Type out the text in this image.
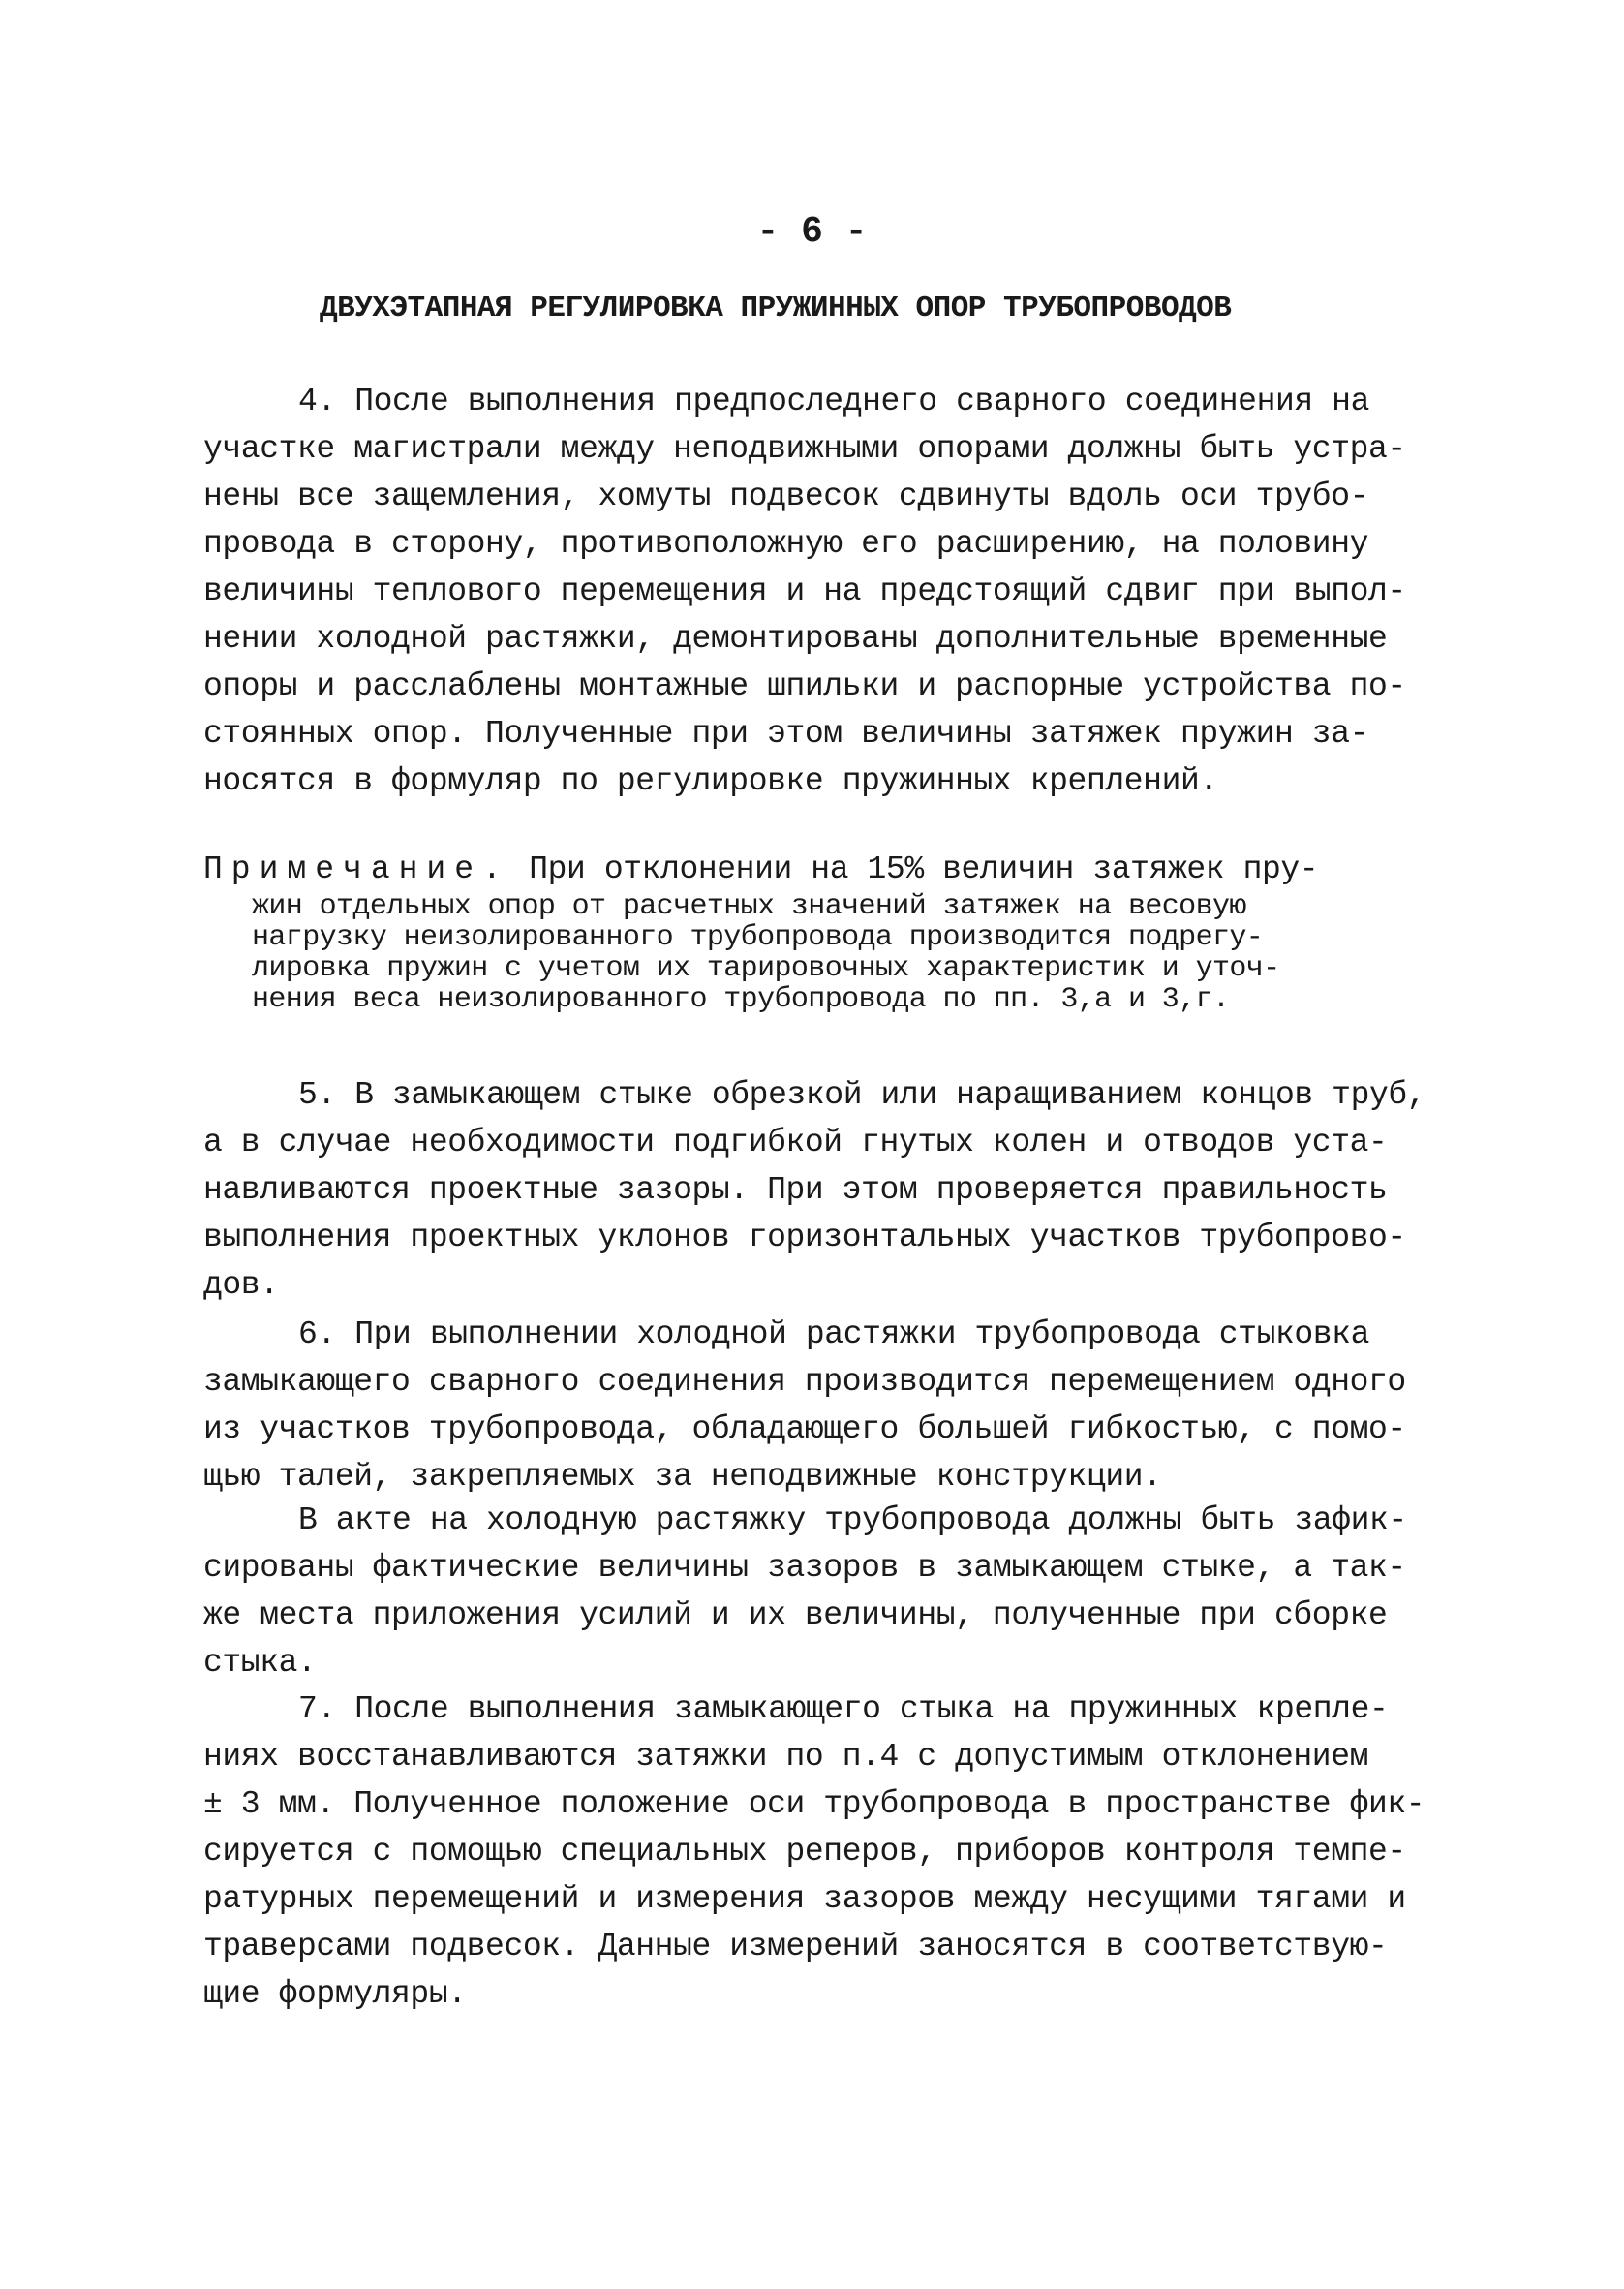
- 6 -
ДВУХЭТАПНАЯ РЕГУЛИРОВКА ПРУЖИННЫХ ОПОР ТРУБОПРОВОДОВ
4. После выполнения предпоследнего сварного соединения на
участке магистрали между неподвижными опорами должны быть устра-
нены все защемления, хомуты подвесок сдвинуты вдоль оси трубо-
провода в сторону, противоположную его расширению, на половину
величины теплового перемещения и на предстоящий сдвиг при выпол-
нении холодной растяжки, демонтированы дополнительные временные
опоры и расслаблены монтажные шпильки и распорные устройства по-
стоянных опор. Полученные при этом величины затяжек пружин за-
носятся в формуляр по регулировке пружинных креплений.
Примечание. При отклонении на 15% величин затяжек пру-
жин отдельных опор от расчетных значений затяжек на весовую
нагрузку неизолированного трубопровода производится подрегу-
лировка пружин с учетом их тарировочных характеристик и уточ-
нения веса неизолированного трубопровода по пп. 3,а и 3,г.
5. В замыкающем стыке обрезкой или наращиванием концов труб,
а в случае необходимости подгибкой гнутых колен и отводов уста-
навливаются проектные зазоры. При этом проверяется правильность
выполнения проектных уклонов горизонтальных участков трубопрово-
дов.
6. При выполнении холодной растяжки трубопровода стыковка
замыкающего сварного соединения производится перемещением одного
из участков трубопровода, обладающего большей гибкостью, с помо-
щью талей, закрепляемых за неподвижные конструкции.
В акте на холодную растяжку трубопровода должны быть зафик-
сированы фактические величины зазоров в замыкающем стыке, а так-
же места приложения усилий и их величины, полученные при сборке
стыка.
7. После выполнения замыкающего стыка на пружинных крепле-
ниях восстанавливаются затяжки по п.4 с допустимым отклонением
± 3 мм. Полученное положение оси трубопровода в пространстве фик-
сируется с помощью специальных реперов, приборов контроля темпе-
ратурных перемещений и измерения зазоров между несущими тягами и
траверсами подвесок. Данные измерений заносятся в соответствую-
щие формуляры.
